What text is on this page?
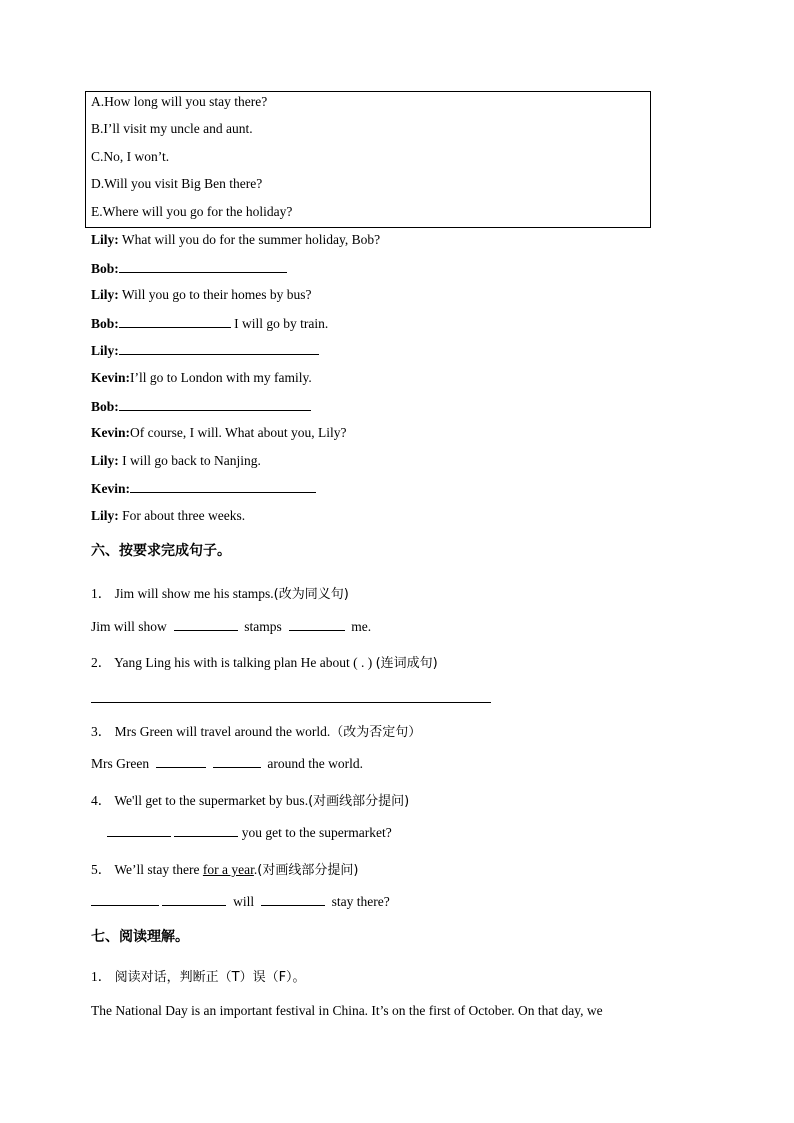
A.How long will you stay there?
B.I’ll visit my uncle and aunt.
C.No, I won’t.
D.Will you visit Big Ben there?
E.Where will you go for the holiday?
Lily: What will you do for the summer holiday, Bob?
Bob:
Lily: Will you go to their homes by bus?
Bob:	I will go by train.
Lily:
Kevin:I’ll go to London with my family.
Bob:
Kevin:Of course, I will. What about you, Lily?
Lily: I will go back to Nanjing.
Kevin:
Lily: For about three weeks.
六、按要求完成句子。
1． Jim will show me his stamps.(改为同义句)
Jim will show	stamps	me.
2． Yang Ling his with is talking plan He about ( . ) (连词成句)
3． Mrs Green will travel around the world.（改为否定句）
Mrs Green	around the world.
4． We'll get to the supermarket by bus.(对画线部分提问)
you get to the supermarket?
5． We’ll stay there for a year.(对画线部分提问)
will	stay there?
七、阅读理解。
1． 阅读对话，判断正（T）误（F）。
The National Day is an important festival in China. It’s on the first of October. On that day, we
